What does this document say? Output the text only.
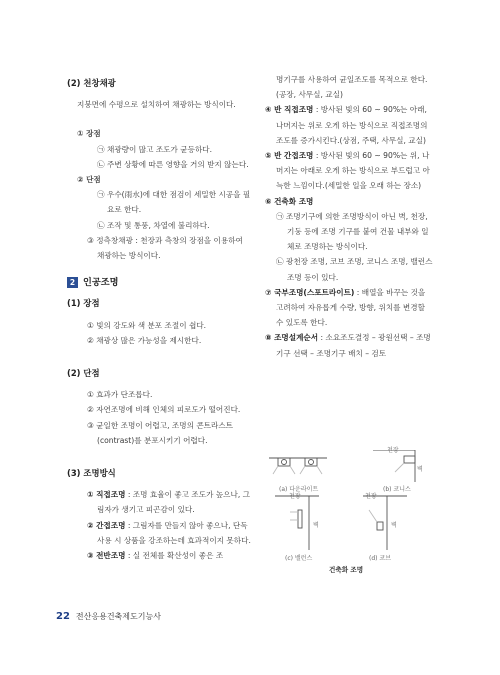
(2) 천창채광
지붕면에 수평으로 설치하여 채광하는 방식이다.
① 장점
㉠ 채광량이 많고 조도가 균등하다.
㉡ 주변 상황에 따른 영향을 거의 받지 않는다.
② 단점
㉠ 우수(雨水)에 대한 점검이 세밀한 시공을 필요로 한다.
㉡ 조작 및 통풍, 차열에 불리하다.
③ 정측창채광 : 천장과 측창의 장점을 이용하여 채광하는 방식이다.
2 인공조명
(1) 장점
① 빛의 강도와 색 분포 조절이 쉽다.
② 채광상 많은 가능성을 제시한다.
(2) 단점
① 효과가 단조롭다.
② 자연조명에 비해 인체의 피로도가 떨어진다.
③ 균일한 조명이 어렵고, 조명의 콘트라스트(contrast)를 분포시키기 어렵다.
(3) 조명방식
① 직접조명 : 조명 효율이 좋고 조도가 높으나, 그림자가 생기고 피곤감이 있다.
② 간접조명 : 그림자를 만들지 않아 좋으나, 단독 사용 시 상품을 강조하는데 효과적이지 못하다.
③ 전반조명 : 실 전체를 확산성이 좋은 조
명기구를 사용하여 균일조도를 목적으로 한다.(공장, 사무실, 교실)
④ 반 직접조명 : 방사된 빛의 60 ~ 90%는 아래, 나머지는 위로 오게 하는 방식으로 직접조명의 조도를 증가시킨다.(상점, 주택, 사무실, 교실)
⑤ 반 간접조명 : 방사된 빛의 60 ~ 90%는 위, 나머지는 아래로 오게 하는 방식으로 부드럽고 아늑한 느낌이다.(세밀한 일을 오래 하는 장소)
⑥ 건축화 조명
㉠ 조명기구에 의한 조명방식이 아닌 벽, 천장, 기둥 등에 조명 기구를 붙여 건물 내부와 일체로 조명하는 방식이다.
㉡ 광천장 조명, 코브 조명, 코니스 조명, 밸런스 조명 등이 있다.
⑦ 국부조명(스포트라이트) : 배열을 바꾸는 것을 고려하여 자유롭게 수량, 방향, 위치를 변경할 수 있도록 한다.
⑧ 조명설계순서 : 소요조도결정 – 광원선택 – 조명기구 선택 – 조명기구 배치 – 검토
천장
벽
(a) 다운라이트	(b) 코니스
천장
벽
천장
벽
(c) 밸런스	(d) 코브
건축화 조명
22 전산응용건축제도기능사
